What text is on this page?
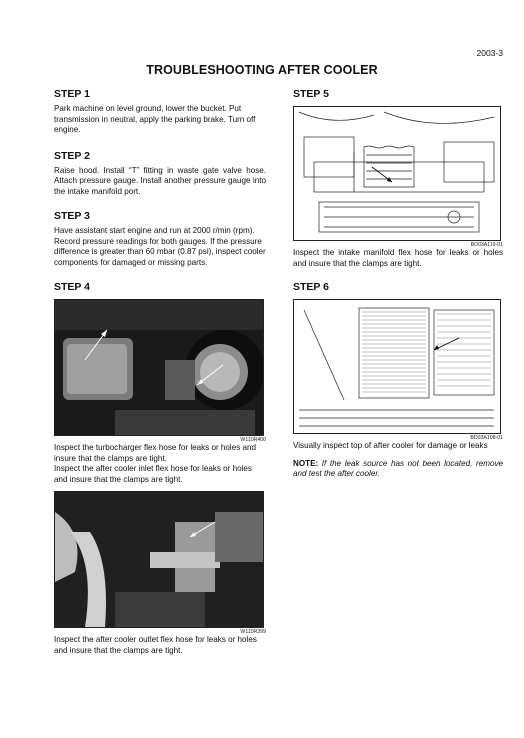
2003-3
TROUBLESHOOTING AFTER COOLER
STEP 1

Park machine on level ground, lower the bucket. Put transmission in neutral, apply the parking brake. Turn off engine.

STEP 2

Raise hood. Install “T” fitting in waste gate valve hose. Attach pressure gauge. Install another pressure gauge into the intake manifold port.

STEP 3

Have assistant start engine and run at 2000 r/min (rpm). Record pressure readings for both gauges. If the pressure difference is greater than 60 mbar (0.87 psi), inspect cooler components for damaged or missing parts.

STEP 4
W110R400

Inspect the turbocharger flex hose for leaks or holes and insure that the clamps are tight.

Inspect the after cooler inlet flex hose for leaks or holes and insure that the clamps are tight.

W110R399

Inspect the after cooler outlet flex hose for leaks or holes and insure that the clamps are tight.

STEP 5
BD03A119-01

Inspect the intake manifold flex hose for leaks or holes and insure that the clamps are tight.

STEP 6
BD03A108-01

Visually inspect top of after cooler for damage or leaks

NOTE: If the leak source has not been located, remove and test the after cooler.
